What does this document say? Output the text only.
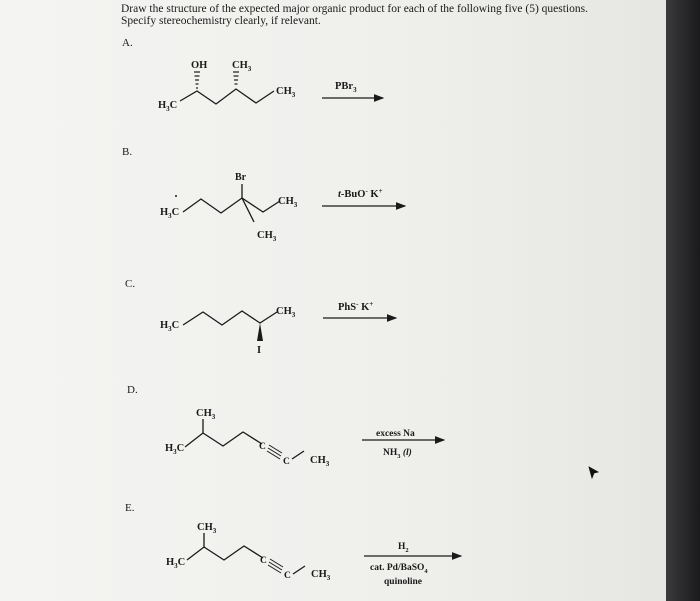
Draw the structure of the expected major organic product for each of the following five (5) questions.
Specify stereochemistry clearly, if relevant.
A.
OH $CH_3$
$CH_3$
$H_3C$
PBr$_3$
B.
Br
$CH_3$
$CH_3$
$H_3C$
t-BuO- K+
C.
I
$CH_3$
$H_3C$
PhS- K+
D.
$CH_3$
$H_3C$	C
C $CH_3$
excess Na
$NH_3$ (l)
E.
$CH_3$
$H_3C$	C
C $CH_3$
$H_2$
cat. Pd/BaSO$_4$
quinoline
